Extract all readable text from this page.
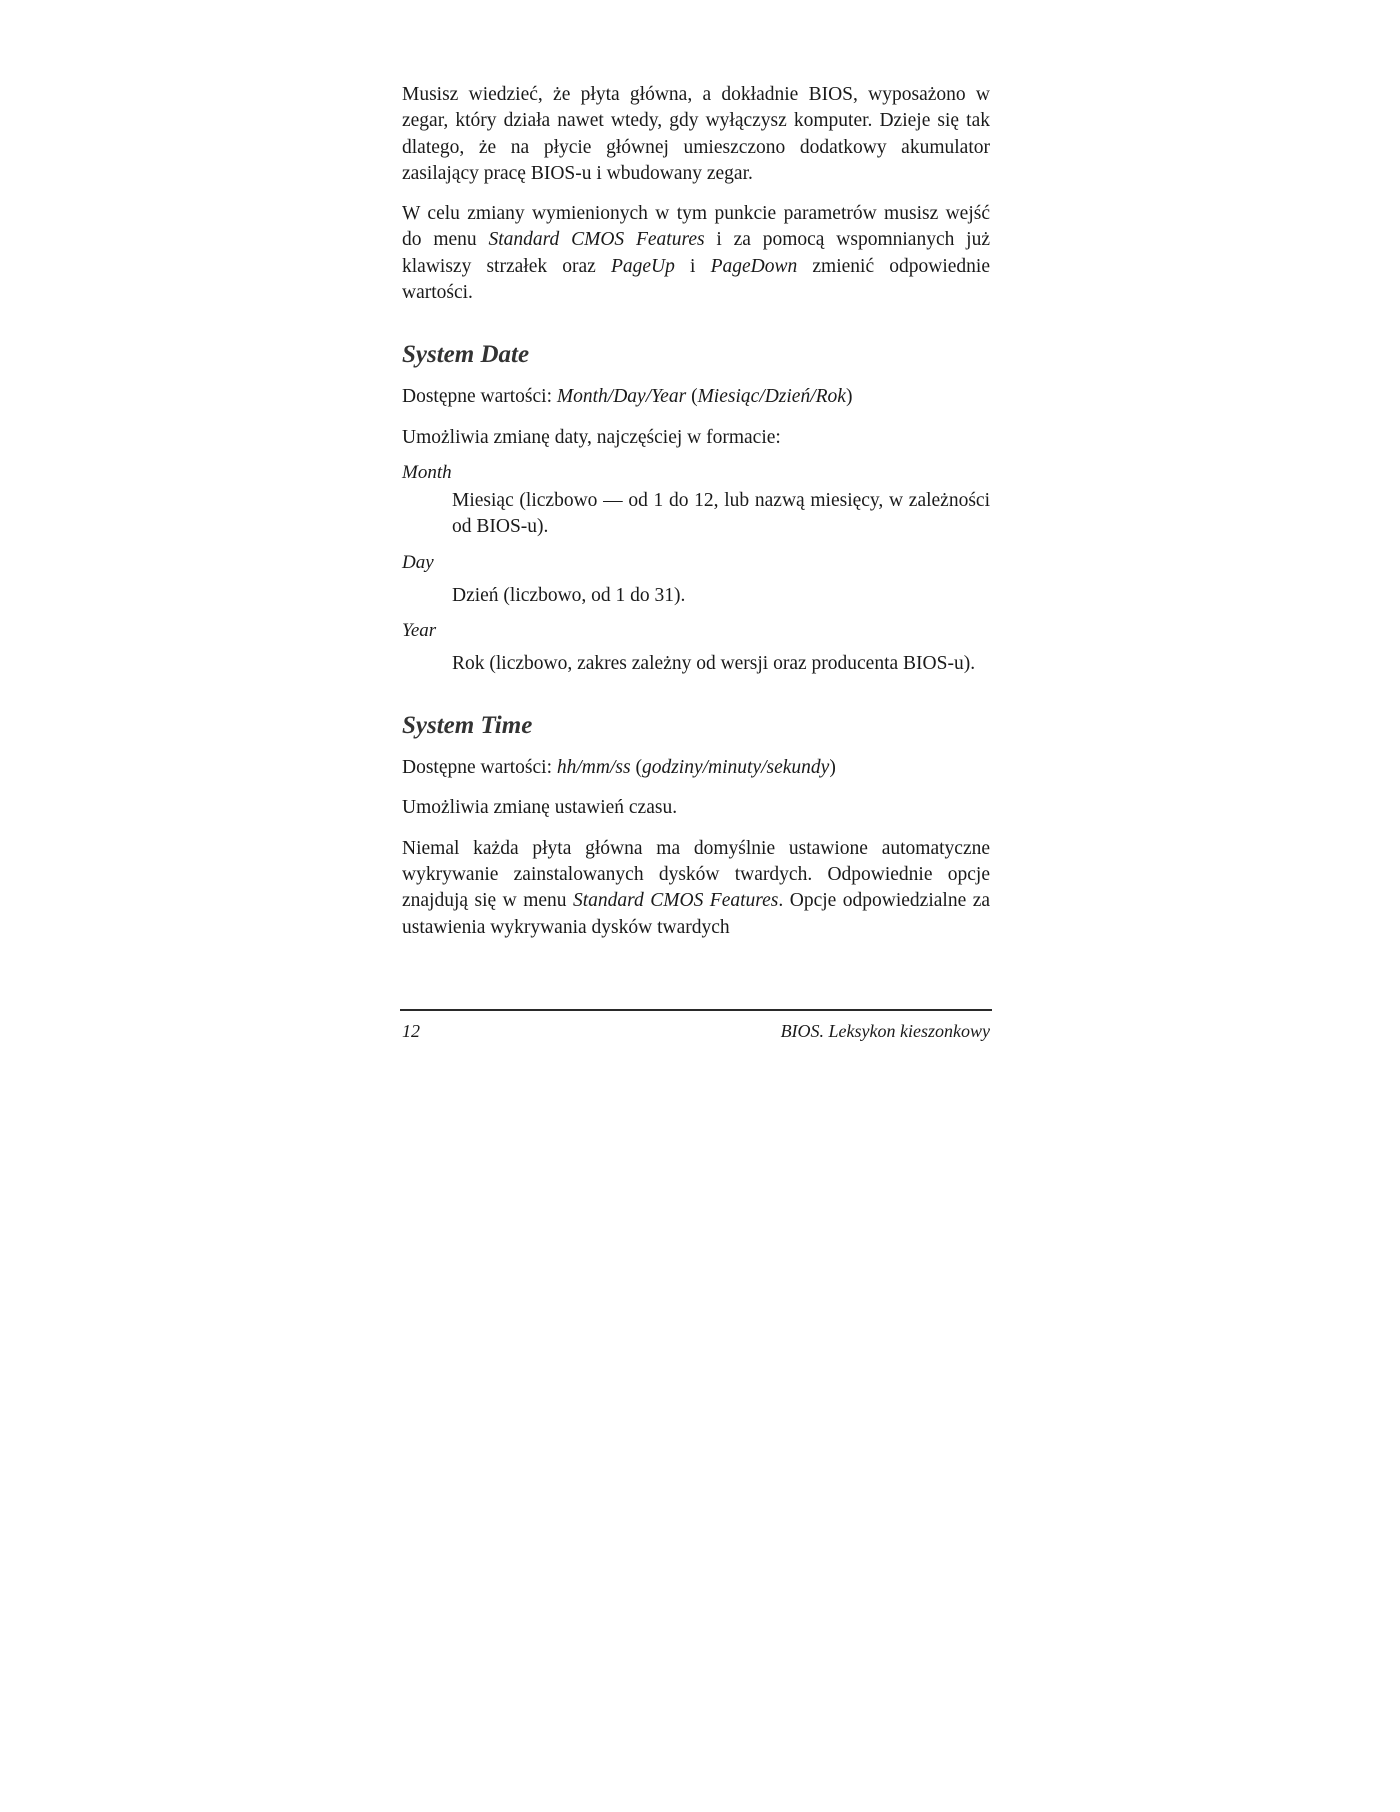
Musisz wiedzieć, że płyta główna, a dokładnie BIOS, wyposażono w zegar, który działa nawet wtedy, gdy wyłączysz komputer. Dzieje się tak dlatego, że na płycie głównej umieszczono dodatkowy akumulator zasilający pracę BIOS-u i wbudowany zegar.

W celu zmiany wymienionych w tym punkcie parametrów musisz wejść do menu Standard CMOS Features i za pomocą wspomnianych już klawiszy strzałek oraz PageUp i PageDown zmienić odpowiednie wartości.

System Date

Dostępne wartości: Month/Day/Year (Miesiąc/Dzień/Rok)

Umożliwia zmianę daty, najczęściej w formacie:

Month

Miesiąc (liczbowo — od 1 do 12, lub nazwą miesięcy, w zależności od BIOS-u).

Day

Dzień (liczbowo, od 1 do 31).

Year

Rok (liczbowo, zakres zależny od wersji oraz producenta BIOS-u).

System Time

Dostępne wartości: hh/mm/ss (godziny/minuty/sekundy)

Umożliwia zmianę ustawień czasu.

Niemal każda płyta główna ma domyślnie ustawione automatyczne wykrywanie zainstalowanych dysków twardych. Odpowiednie opcje znajdują się w menu Standard CMOS Features. Opcje odpowiedzialne za ustawienia wykrywania dysków twardych

12	BIOS. Leksykon kieszonkowy
